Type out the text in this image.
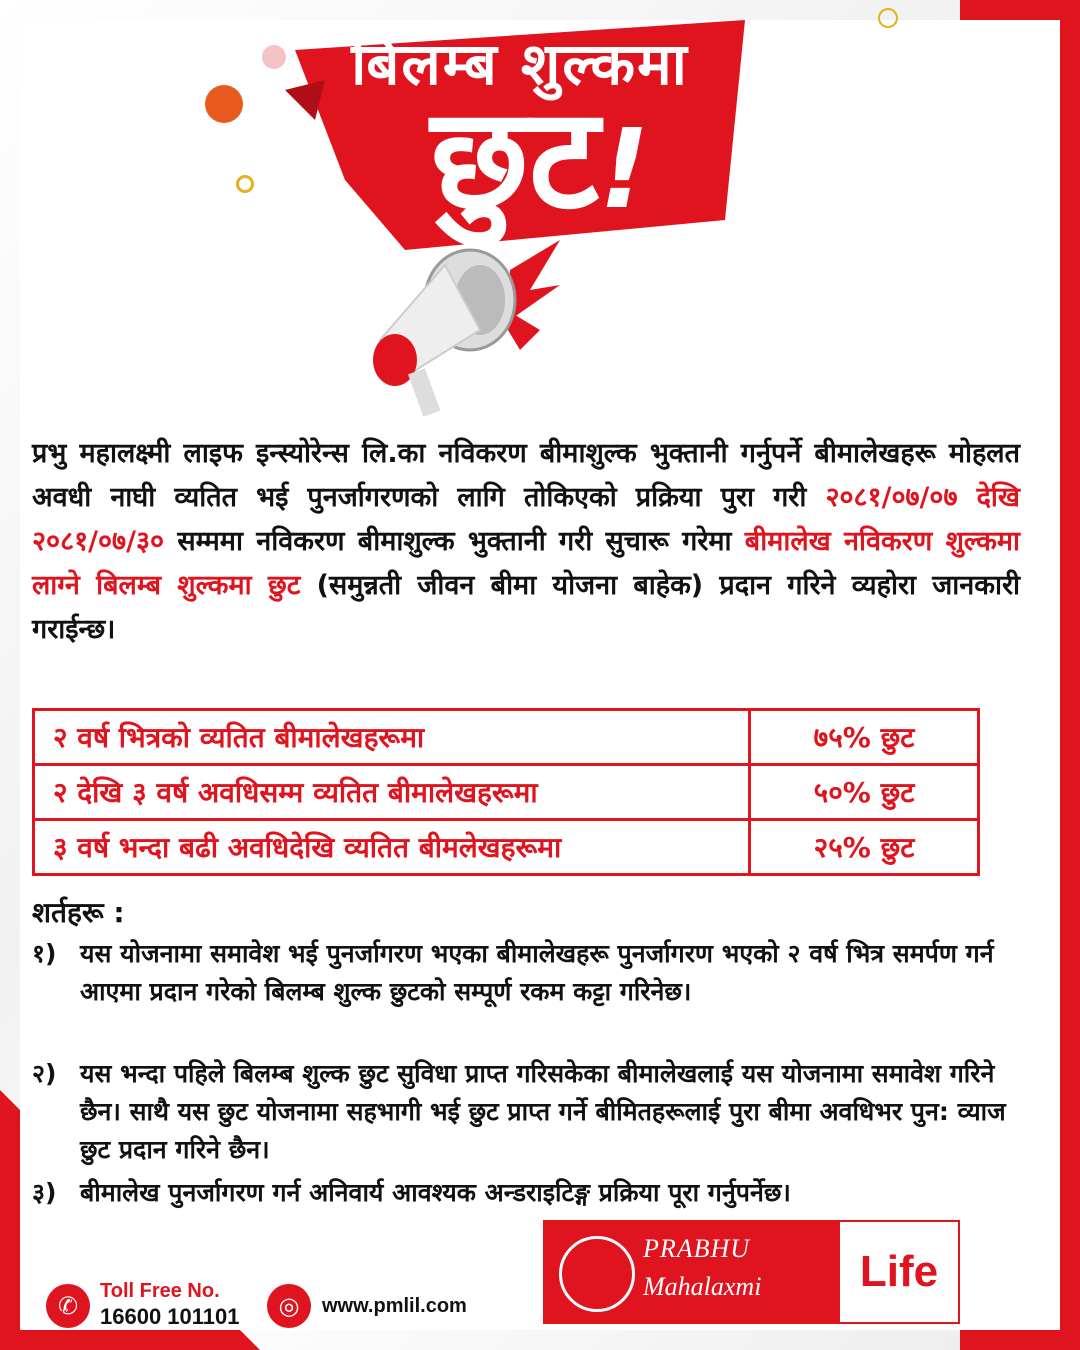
बिलम्ब शुल्कमा
छुट!
प्रभु महालक्ष्मी लाइफ इन्स्योरेन्स लि.का नविकरण बीमाशुल्क भुक्तानी गर्नुपर्ने बीमालेखहरू मोहलत अवधी नाघी व्यतित भई पुनर्जागरणको लागि तोकिएको प्रक्रिया पुरा गरी २०८१/०७/०७ देखि २०८१/०७/३० सम्ममा नविकरण बीमाशुल्क भुक्तानी गरी सुचारू गरेमा बीमालेख नविकरण शुल्कमा लाग्ने बिलम्ब शुल्कमा छुट (समुन्नती जीवन बीमा योजना बाहेक) प्रदान गरिने व्यहोरा जानकारी गराईन्छ।
२ वर्ष भित्रको व्यतित बीमालेखहरूमा	७५% छुट
२ देखि ३ वर्ष अवधिसम्म व्यतित बीमालेखहरूमा	५०% छुट
३ वर्ष भन्दा बढी अवधिदेखि व्यतित बीमलेखहरूमा	२५% छुट
शर्तहरू :
१) यस योजनामा समावेश भई पुनर्जागरण भएका बीमालेखहरू पुनर्जागरण भएको २ वर्ष भित्र समर्पण गर्न आएमा प्रदान गरेको बिलम्ब शुल्क छुटको सम्पूर्ण रकम कट्टा गरिनेछ।
२) यस भन्दा पहिले बिलम्ब शुल्क छुट सुविधा प्राप्त गरिसकेका बीमालेखलाई यस योजनामा समावेश गरिने छैन। साथै यस छुट योजनामा सहभागी भई छुट प्राप्त गर्ने बीमितहरूलाई पुरा बीमा अवधिभर पुन: व्याज छुट प्रदान गरिने छैन।
३) बीमालेख पुनर्जागरण गर्न अनिवार्य आवश्यक अन्डराइटिङ्ग प्रक्रिया पूरा गर्नुपर्नेछ।
✆
Toll Free No.
16600 101101	◎	www.pmlil.com
PRABHU
Mahalaxmi	Life
